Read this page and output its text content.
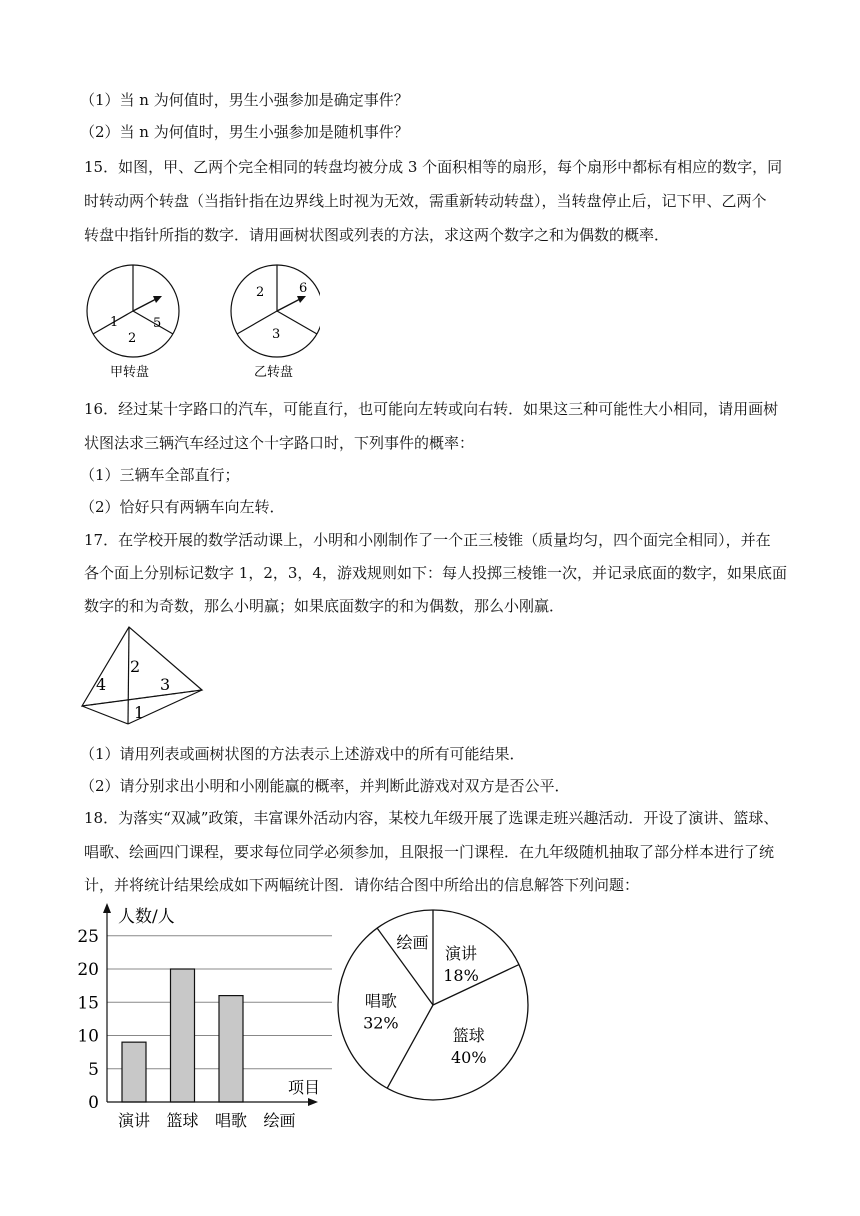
（1）当 n 为何值时，男生小强参加是确定事件？
（2）当 n 为何值时，男生小强参加是随机事件？
15．如图，甲、乙两个完全相同的转盘均被分成 3 个面积相等的扇形，每个扇形中都标有相应的数字，同
时转动两个转盘（当指针指在边界线上时视为无效，需重新转动转盘），当转盘停止后，记下甲、乙两个
转盘中指针所指的数字．请用画树状图或列表的方法，求这两个数字之和为偶数的概率．
1	5
2
2	6
3
甲转盘	乙转盘
16．经过某十字路口的汽车，可能直行，也可能向左转或向右转．如果这三种可能性大小相同，请用画树
状图法求三辆汽车经过这个十字路口时，下列事件的概率：
（1）三辆车全部直行；
（2）恰好只有两辆车向左转．
17．在学校开展的数学活动课上，小明和小刚制作了一个正三棱锥（质量均匀，四个面完全相同），并在
各个面上分别标记数字 1，2，3，4，游戏规则如下：每人投掷三棱锥一次，并记录底面的数字，如果底面
数字的和为奇数，那么小明赢；如果底面数字的和为偶数，那么小刚赢．
4
2
3
1
（1）请用列表或画树状图的方法表示上述游戏中的所有可能结果．
（2）请分别求出小明和小刚能赢的概率，并判断此游戏对双方是否公平．
18．为落实“双减”政策，丰富课外活动内容，某校九年级开展了选课走班兴趣活动．开设了演讲、篮球、
唱歌、绘画四门课程，要求每位同学必须参加，且限报一门课程．在九年级随机抽取了部分样本进行了统
计，并将统计结果绘成如下两幅统计图．请你结合图中所给出的信息解答下列问题：
0
5
10
15
20
25
演讲 篮球 唱歌 绘画
人数/人
项目
演讲
18%
篮球
40%
唱歌
32%
绘画
